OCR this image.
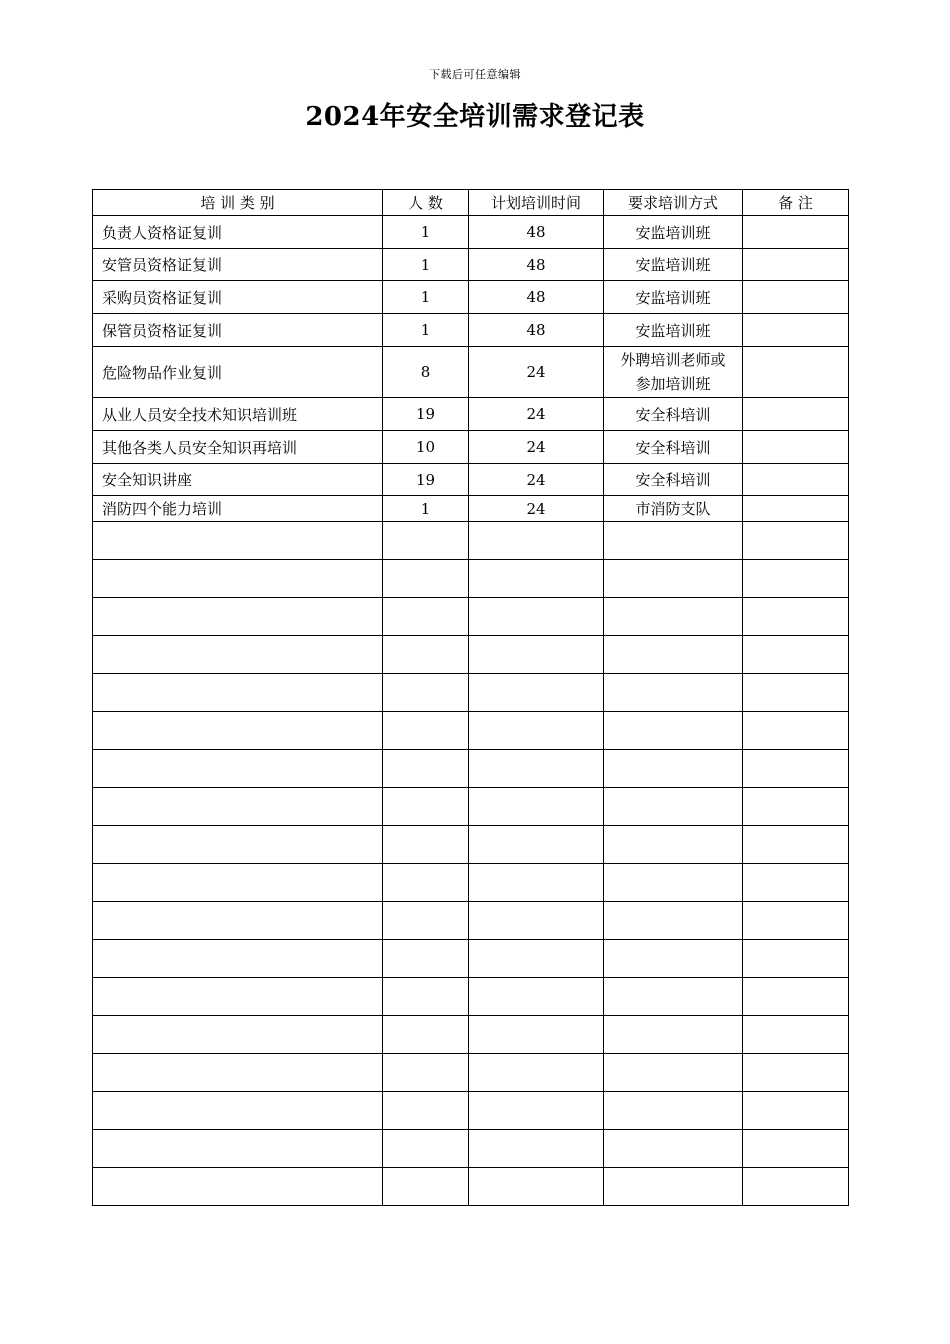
下载后可任意编辑
2024年安全培训需求登记表
培 训 类 别	人 数	计划培训时间	要求培训方式	备 注
负责人资格证复训	1	48	安监培训班	
安管员资格证复训	1	48	安监培训班	
采购员资格证复训	1	48	安监培训班	
保管员资格证复训	1	48	安监培训班	
危险物品作业复训	8	24	外聘培训老师或
参加培训班	

从业人员安全技术知识培训班	19	24	安全科培训	
其他各类人员安全知识再培训	10	24	安全科培训	
安全知识讲座	19	24	安全科培训	
消防四个能力培训	1	24	市消防支队	
